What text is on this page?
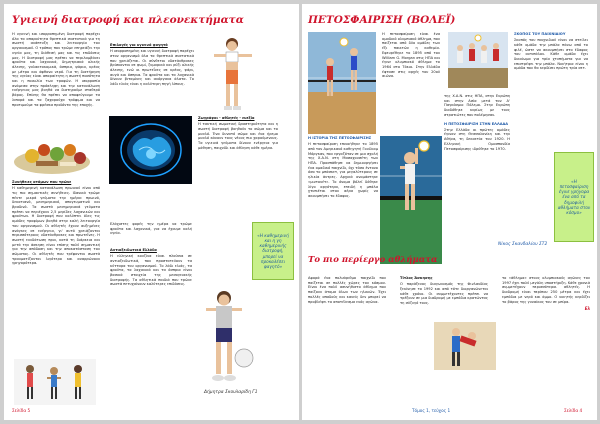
Υγιεινή διατροφή και πλεονεκτήματα

Η υγιεινή και ισορροπημένη διατροφή παρέχει όλα τα απαραίτητα θρεπτικά συστατικά για τη σωστή ανάπτυξη και λειτουργία του οργανισμού. Ο τρόπος που τρώμε επηρεάζει την υγεία μας, τη διάθεσή μας και τις επιδόσεις μας. Η διατροφή μας πρέπει να περιλαμβάνει φρούτα και λαχανικά, δημητριακά ολικής άλεσης, γαλακτοκομικά, όσπρια, ψάρια, κρέας με μέτρο και άφθονο νερό. Για τη διατήρηση της υγείας είναι απαραίτητη η σωστή ποσότητα και η ποικιλία των τροφών. Η ισορροπία ανάμεσα στην πρόσληψη και την κατανάλωση ενέργειας μας βοηθά να διατηρούμε σταθερό βάρος. Επίσης θα πρέπει να αποφεύγουμε τα λιπαρά και τα ζαχαρούχα τρόφιμα και να προτιμούμε τα φρέσκα προϊόντα της εποχής.

Συνήθειες ατόμων που τρώνε

Η καθημερινή κατανάλωση πρωινού είναι από τις πιο σημαντικές συνήθειες. Ιδανικά τρώμε πέντε μικρά γεύματα την ημέρα: πρωινό, δεκατιανό, μεσημεριανό, απογευματινό και βραδινό. Τα σωστά μεσημεριανά γεύματα πρέπει να περιέχουν 2,5 μερίδες λαχανικών και φρούτων. Η διατροφή που καλύπτει όλες τις ομάδες τροφίμων βοηθά στην καλή λειτουργία του οργανισμού. Οι αθλητές έχουν αυξημένες ανάγκες σε ενέργεια, γι' αυτό χρειάζονται περισσότερους υδατάνθρακες και πρωτεΐνες. Η σωστή ενυδάτωση πριν, κατά τη διάρκεια και μετά την άσκηση είναι επίσης πολύ σημαντική για την απόδοση και την αποκατάσταση του σώματος. Οι αθλητές που τρέφονται σωστά τραυματίζονται λιγότερο και αναρρώνουν γρηγορότερα.

Επιλογές για υγιεινό φαγητό

Η ισορροπημένη και υγιεινή διατροφή παρέχει στον οργανισμό όλα τα θρεπτικά συστατικά που χρειάζεται. Οι σύνθετοι υδατάνθρακες βρίσκονται σε ψωμί, ζυμαρικά και ρύζι ολικής άλεσης, ενώ οι πρωτεΐνες σε κρέας, ψάρι, αυγά και όσπρια. Τα φρούτα και τα λαχανικά δίνουν βιταμίνες και ανόργανα άλατα. Το λάδι ελιάς είναι η καλύτερη πηγή λίπους.

Ζωγράφοι - αθλητές - ευεξία

Η τακτική σωματική δραστηριότητα και η σωστή διατροφή βοηθούν το σώμα και το μυαλό. Ένα δυνατό σώμα και ένα ήρεμο μυαλό κάνουν τους νέους πιο χαρούμενους. Τα υγιεινά γεύματα δίνουν ενέργεια για μάθηση, παιχνίδι και άθληση κάθε ημέρα.

«Η καθημερινή και η γη καθημερινής διατροφή, μπορεί να προκαλέσει φαγητό»

Ελάχιστες φορές την ημέρα να τρώμε φρούτα και λαχανικά, για να έχουμε καλή υγεία.

Αντιοξειδωτικά Ελλάδα

Η ελληνική κουζίνα είναι πλούσια σε αντιοξειδωτικά, που προστατεύουν τα κύτταρα του οργανισμού. Το λάδι ελιάς, τα φρούτα, τα λαχανικά και τα όσπρια είναι βασικά στοιχεία της μεσογειακής διατροφής. Τα αθλητικά παιδιά που τρώνε σωστά πετυχαίνουν καλύτερες επιδόσεις.

Δήμητρα Σκουλαρίδη Γ1
Σελίδα 5
ΠΕΤΟΣΦΑΙΡΙΣΗ (ΒΟΛΕΪ)

Η πετοσφαίριση είναι ένα ομαδικό ολυμπιακό άθλημα, που παίζεται από δύο ομάδες των έξι παικτών η καθεμία. Εφευρέθηκε το 1895 από τον William G. Morgan στις ΗΠΑ και έγινε ολυμπιακό άθλημα το 1964 στο Τόκιο. Στην Ελλάδα έφτασε στις αρχές του 20ού αιώνα.

Η ΙΣΤΟΡΙΑ ΤΗΣ ΠΕΤΟΣΦΑΙΡΙΣΗΣ

Η πετοσφαίριση επινοήθηκε το 1895 από τον Αμερικανό καθηγητή Γουίλιαμ Μόργκαν, που εργαζόταν σε μια σχολή της Χ.Α.Ν. στη Μασαχουσέτη των ΗΠΑ. Προσπάθησε να δημιουργήσει ένα ομαδικό παιχνίδι, όχι τόσο έντονο όσο το μπάσκετ, για μεγαλύτερους σε ηλικία άντρες. Αρχικά ονομάστηκε «μιντονέτ». Το όνομα βόλεϊ δόθηκε λίγο αργότερα, επειδή η μπάλα χτυπιέται στον αέρα χωρίς να ακουμπήσει το έδαφος.

της Χ.Α.Ν. στις ΗΠΑ, στην Ευρώπη και στην Ασία μετά τον Α' Παγκόσμιο Πόλεμο. Στην Ευρώπη διαδόθηκε κυρίως με τους στρατιώτες που πολέμησαν.

Η ΠΕΤΟΣΦΑΙΡΙΣΗ ΣΤΗΝ ΕΛΛΑΔΑ

Στην Ελλάδα οι πρώτες ομάδες έγιναν στη Θεσσαλονίκη και την Αθήνα, τη δεκαετία του 1920. Η Ελληνική Ομοσπονδία Πετοσφαίρισης ιδρύθηκε το 1970.

ΣΚΟΠΟΣ ΤΟΥ ΠΑΙΧΝΙΔΙΟΥ

Σκοπός του παιχνιδιού είναι να στείλει κάθε ομάδα την μπάλα πάνω από το φιλέ, ώστε να ακουμπήσει στο έδαφος του αντιπάλου. Κάθε ομάδα έχει δικαίωμα για τρία χτυπήματα για να επιστρέψει την μπάλα. Νικήτρια είναι η ομάδα που θα κερδίσει πρώτη τρία σετ.

«Η πετοσφαίριση έγινε γρήγορα ένα από τα δημοφιλή αθλήματα στον κόσμο»
Νίκος Σκανδαλίου ΣΤ2
Το πιο περίεργο αθλήματα

Αφορά ένα πολυάριθμο παιχνίδι που παίζεται σε πολλές χώρες του κόσμου. Είναι ένα πολύ ασυνήθιστο άθλημα που παίζουν άτομα όλων των ηλικιών. Έχει πολλές οπαδούς και κανείς δεν μπορεί να προβλέψει το αποτέλεσμα ενός αγώνα.

Τίτλος Άσκησης

Ο παράξενος διαγωνισμός της Φινλανδίας ξεκίνησε το 1992 και από τότε διοργανώνεται κάθε χρόνο. Οι συμμετέχοντες πρέπει να τρέξουν σε μια διαδρομή με εμπόδια κρατώντας τη σύζυγό τους.

το «άθλημα» στους ολυμπιακούς αγώνες του 1997 έχει πολύ μεγάλη υποστήριξη. Κάθε χρονιά συμμετέχουν περισσότεροι αθλητές. Η διαδρομή είναι περίπου 250 μέτρα και έχει εμπόδια με νερό και άμμο. Ο νικητής κερδίζει το βάρος της γυναίκας του σε μπίρα.

Ελ

Τόμος 1, τεύχος 1	Σελίδα 4
